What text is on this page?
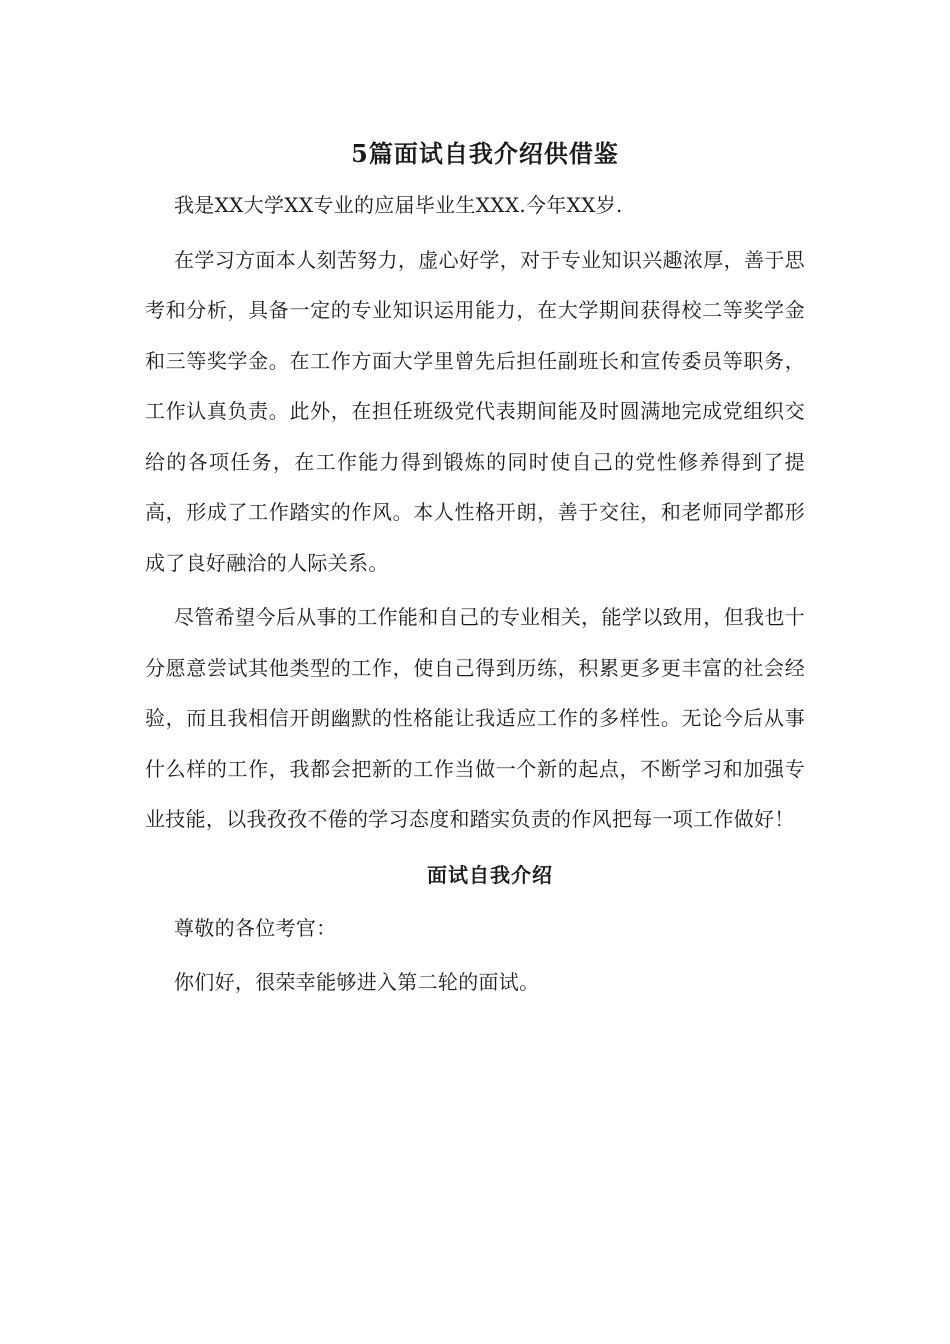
5篇面试自我介绍供借鉴

我是XX大学XX专业的应届毕业生XXX.今年XX岁.

在学习方面本人刻苦努力，虚心好学，对于专业知识兴趣浓厚，善于思考和分析，具备一定的专业知识运用能力，在大学期间获得校二等奖学金和三等奖学金。在工作方面大学里曾先后担任副班长和宣传委员等职务，工作认真负责。此外，在担任班级党代表期间能及时圆满地完成党组织交给的各项任务，在工作能力得到锻炼的同时使自己的党性修养得到了提高，形成了工作踏实的作风。本人性格开朗，善于交往，和老师同学都形成了良好融洽的人际关系。

尽管希望今后从事的工作能和自己的专业相关，能学以致用，但我也十分愿意尝试其他类型的工作，使自己得到历练，积累更多更丰富的社会经验，而且我相信开朗幽默的性格能让我适应工作的多样性。无论今后从事什么样的工作，我都会把新的工作当做一个新的起点，不断学习和加强专业技能，以我孜孜不倦的学习态度和踏实负责的作风把每一项工作做好！

面试自我介绍

尊敬的各位考官：

你们好，很荣幸能够进入第二轮的面试。
